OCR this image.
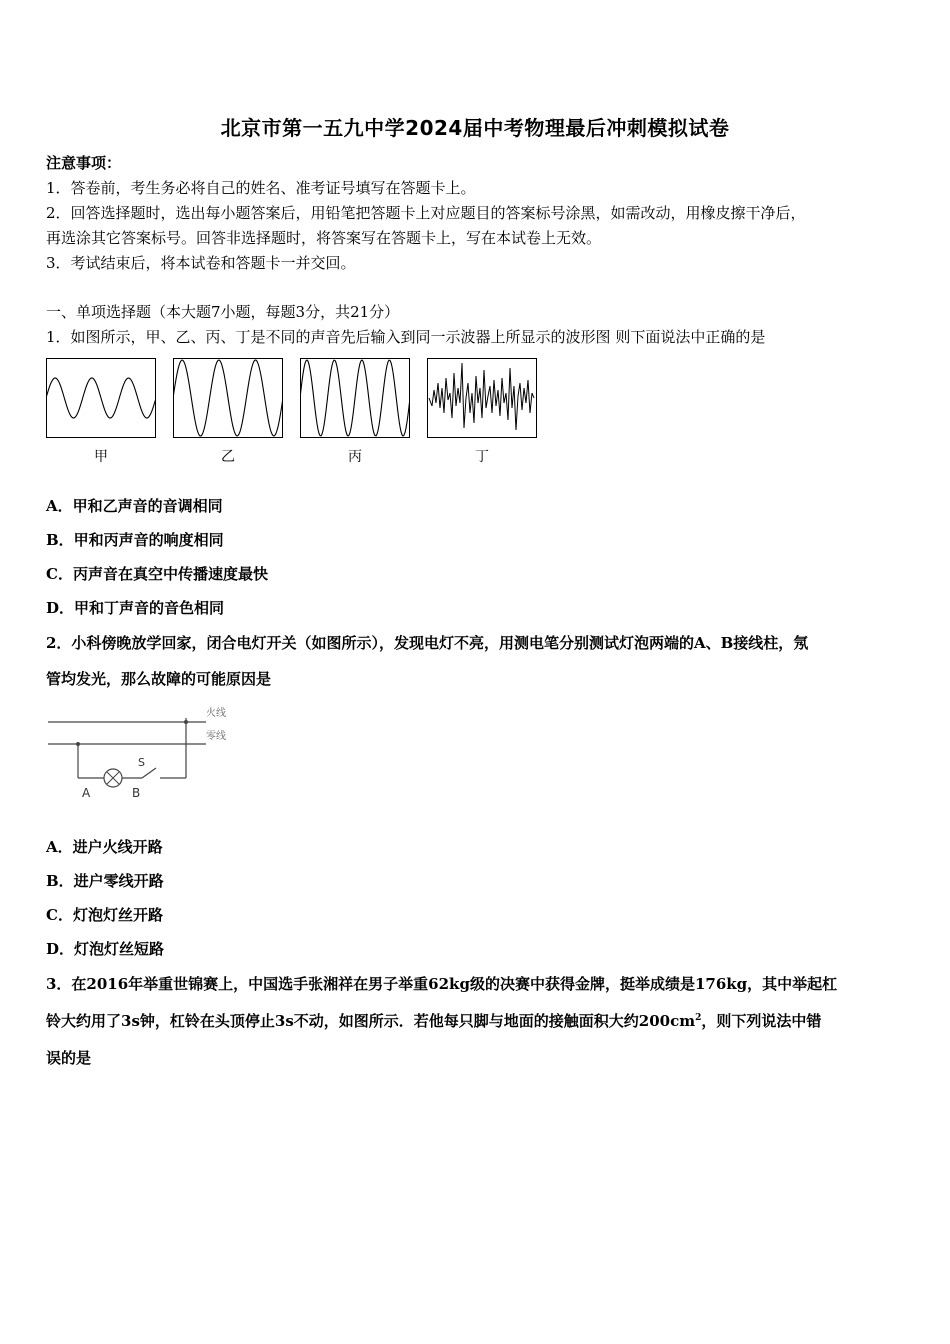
北京市第一五九中学2024届中考物理最后冲刺模拟试卷
注意事项：
1．答卷前，考生务必将自己的姓名、准考证号填写在答题卡上。
2．回答选择题时，选出每小题答案后，用铅笔把答题卡上对应题目的答案标号涂黑，如需改动，用橡皮擦干净后，
再选涂其它答案标号。回答非选择题时，将答案写在答题卡上，写在本试卷上无效。
3．考试结束后，将本试卷和答题卡一并交回。
一、单项选择题（本大题7小题，每题3分，共21分）
1．如图所示，甲、乙、丙、丁是不同的声音先后输入到同一示波器上所显示的波形图 则下面说法中正确的是
甲	乙	丙	丁
A．甲和乙声音的音调相同
B．甲和丙声音的响度相同
C．丙声音在真空中传播速度最快
D．甲和丁声音的音色相同
2．小科傍晚放学回家，闭合电灯开关（如图所示），发现电灯不亮，用测电笔分别测试灯泡两端的A、B接线柱，氖
管均发光，那么故障的可能原因是
火线
零线
A	B
S
A．进户火线开路
B．进户零线开路
C．灯泡灯丝开路
D．灯泡灯丝短路
3．在2016年举重世锦赛上，中国选手张湘祥在男子举重62kg级的决赛中获得金牌，挺举成绩是176kg，其中举起杠
铃大约用了3s钟，杠铃在头顶停止3s不动，如图所示．若他每只脚与地面的接触面积大约$200cm^2$，则下列说法中错
误的是
